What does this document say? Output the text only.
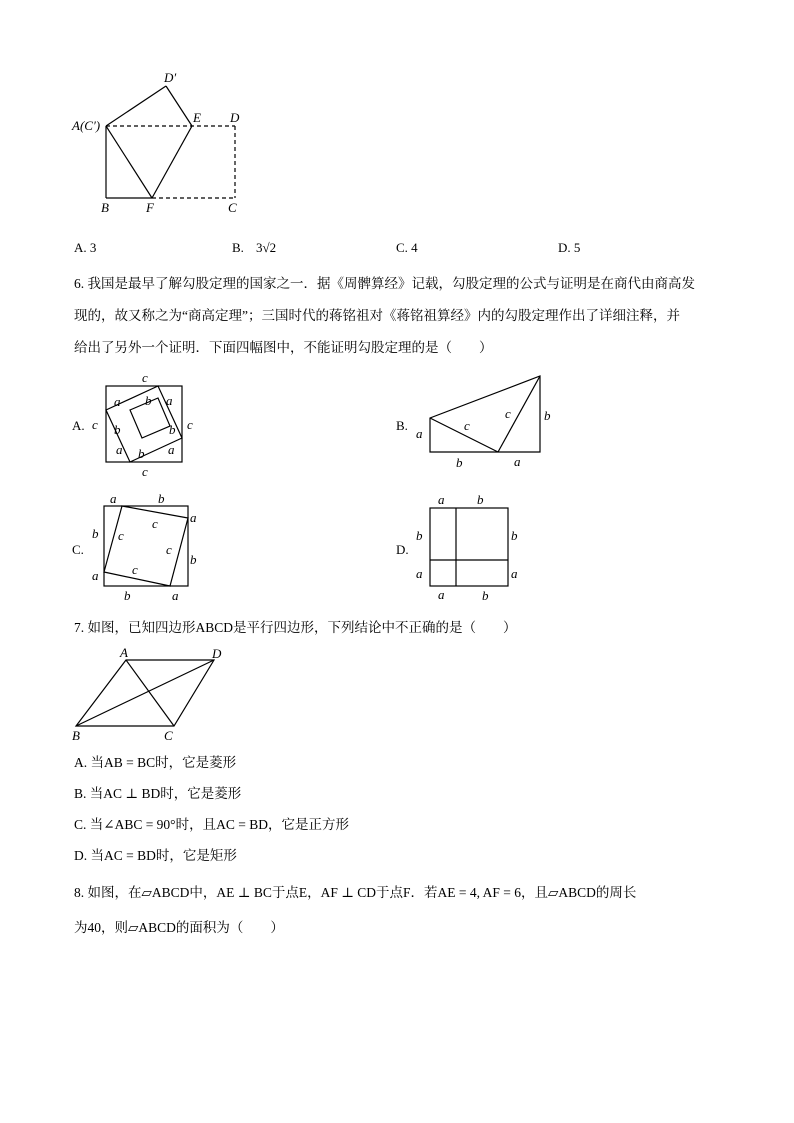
A(C′)
D′
E D
B	F	C
A. 3	B. 3√2	C. 4	D. 5
6. 我国是最早了解勾股定理的国家之一．据《周髀算经》记载，勾股定理的公式与证明是在商代由商高发
现的，故又称之为“商高定理”；三国时代的蒋铭祖对《蒋铭祖算经》内的勾股定理作出了详细注释，并
给出了另外一个证明．下面四幅图中，不能证明勾股定理的是（　　）
A.
c
c
c	c
a b a
b	b
a b a
B.
a
c
c	b
b	a
C.
a	b
a
b
b
a
b	a
c
c
c
c
D.
a	b
b	b
a	a
a	b
7. 如图，已知四边形ABCD是平行四边形，下列结论中不正确的是（　　）
A	D
B	C
A. 当AB = BC时，它是菱形
B. 当AC ⊥ BD时，它是菱形
C. 当∠ABC = 90°时，且AC = BD，它是正方形
D. 当AC = BD时，它是矩形
8. 如图，在▱ABCD中，AE ⊥ BC于点E，AF ⊥ CD于点F．若AE = 4, AF = 6，且▱ABCD的周长
为40，则▱ABCD的面积为（　　）
